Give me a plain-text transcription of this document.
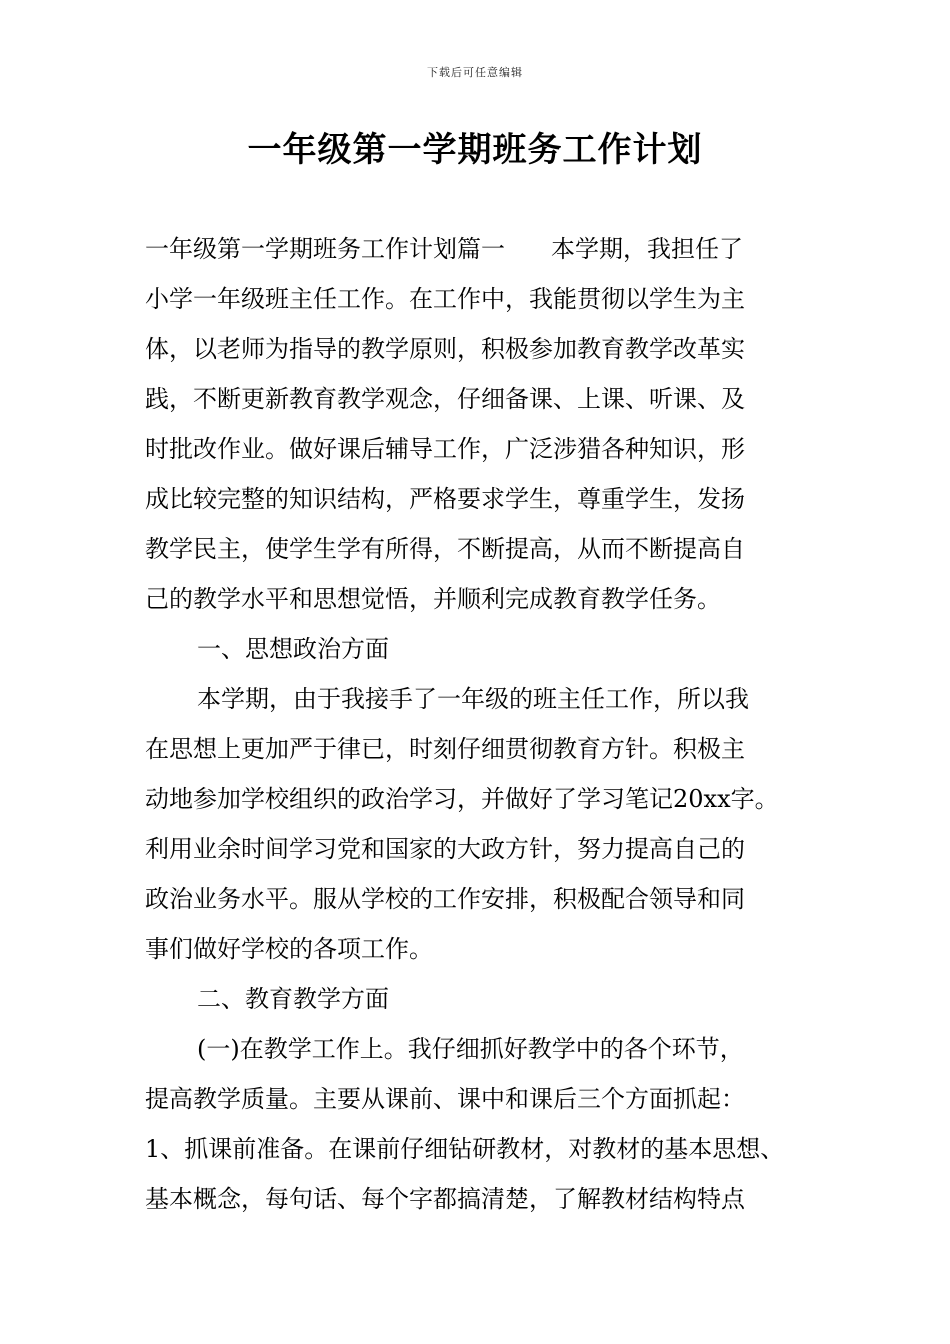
下载后可任意编辑
一年级第一学期班务工作计划
一年级第一学期班务工作计划篇一 本学期，我担任了
小学一年级班主任工作。在工作中，我能贯彻以学生为主
体，以老师为指导的教学原则，积极参加教育教学改革实
践，不断更新教育教学观念，仔细备课、上课、听课、及
时批改作业。做好课后辅导工作，广泛涉猎各种知识，形
成比较完整的知识结构，严格要求学生，尊重学生，发扬
教学民主，使学生学有所得，不断提高，从而不断提高自
己的教学水平和思想觉悟，并顺利完成教育教学任务。
一、思想政治方面
本学期，由于我接手了一年级的班主任工作，所以我
在思想上更加严于律已，时刻仔细贯彻教育方针。积极主
动地参加学校组织的政治学习，并做好了学习笔记20xx字。
利用业余时间学习党和国家的大政方针，努力提高自己的
政治业务水平。服从学校的工作安排，积极配合领导和同
事们做好学校的各项工作。
二、教育教学方面
(一)在教学工作上。我仔细抓好教学中的各个环节，
提高教学质量。主要从课前、课中和课后三个方面抓起：
1、抓课前准备。在课前仔细钻研教材，对教材的基本思想、
基本概念，每句话、每个字都搞清楚，了解教材结构特点
